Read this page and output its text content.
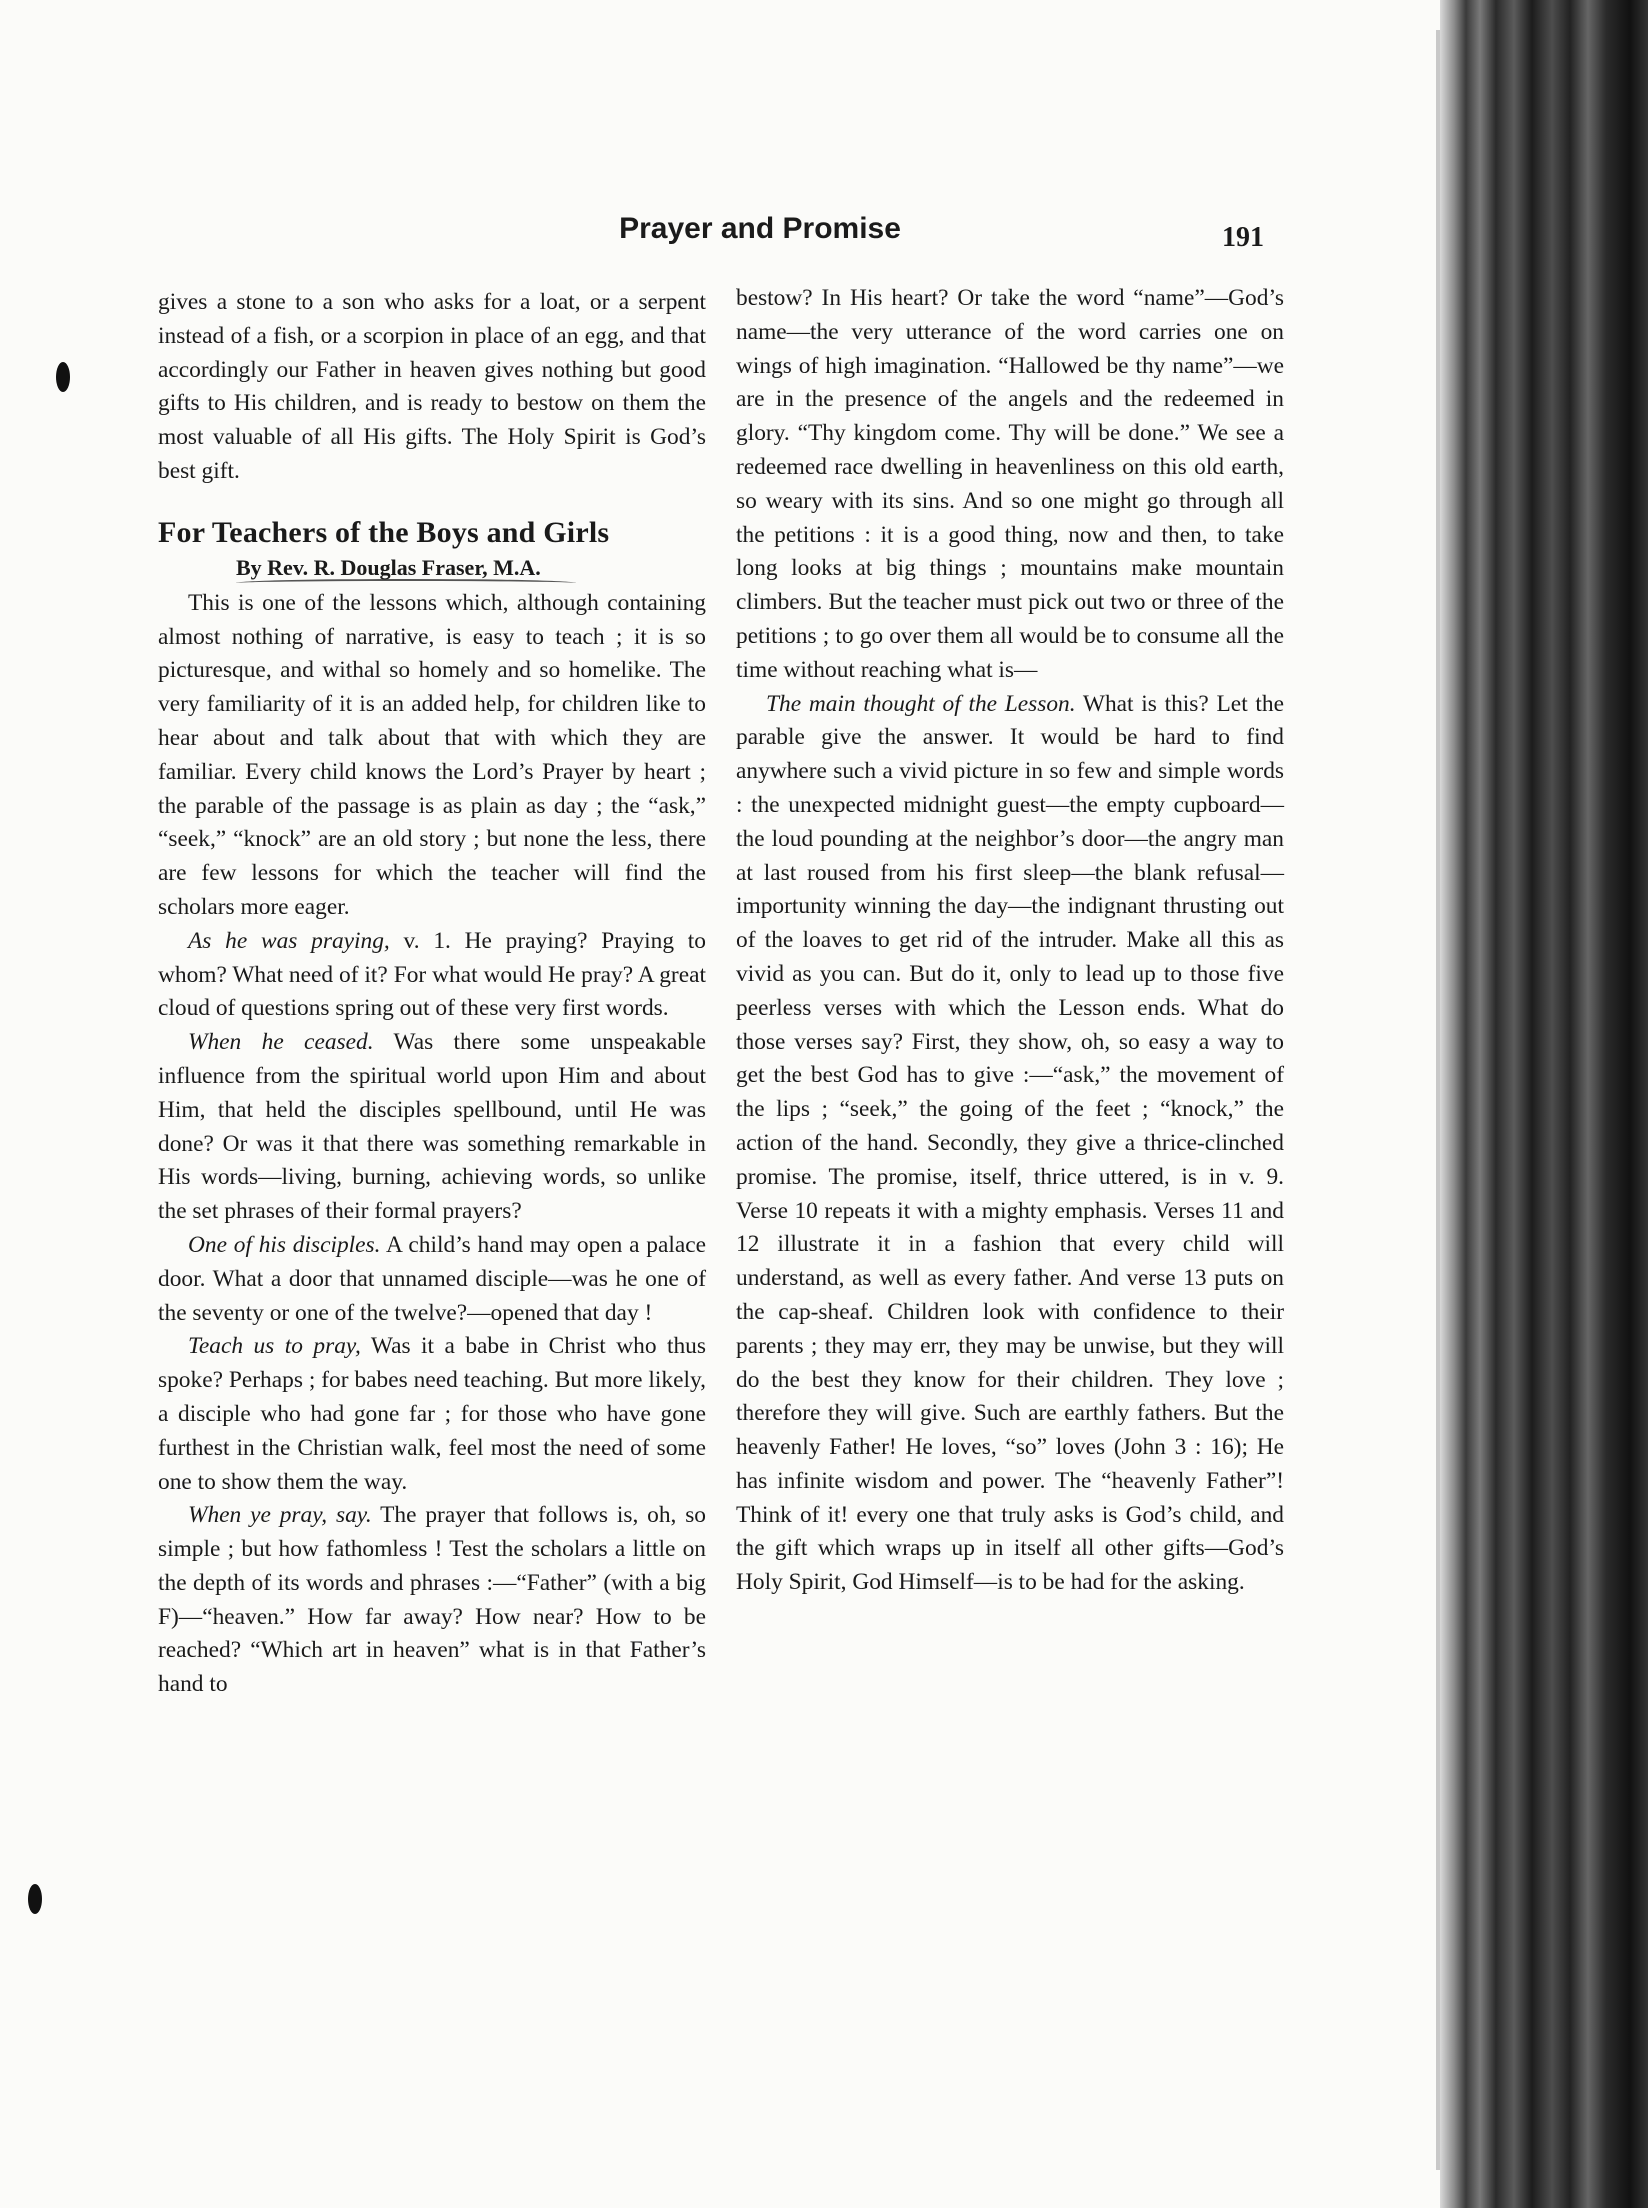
Prayer and Promise	191

gives a stone to a son who asks for a loat, or a serpent instead of a fish, or a scorpion in place of an egg, and that accordingly our Father in heaven gives nothing but good gifts to His children, and is ready to bestow on them the most valuable of all His gifts. The Holy Spirit is God’s best gift.

For Teachers of the Boys and Girls
By Rev. R. Douglas Fraser, M.A.

This is one of the lessons which, although containing almost nothing of narrative, is easy to teach ; it is so picturesque, and withal so homely and so homelike. The very familiarity of it is an added help, for children like to hear about and talk about that with which they are familiar. Every child knows the Lord’s Prayer by heart ; the parable of the passage is as plain as day ; the “ask,” “seek,” “knock” are an old story ; but none the less, there are few lessons for which the teacher will find the scholars more eager.

As he was praying, v. 1. He praying? Praying to whom? What need of it? For what would He pray? A great cloud of questions spring out of these very first words.

When he ceased. Was there some unspeakable influence from the spiritual world upon Him and about Him, that held the disciples spellbound, until He was done? Or was it that there was something remarkable in His words—living, burning, achieving words, so unlike the set phrases of their formal prayers?

One of his disciples. A child’s hand may open a palace door. What a door that unnamed disciple—was he one of the seventy or one of the twelve?—opened that day !

Teach us to pray, Was it a babe in Christ who thus spoke? Perhaps ; for babes need teaching. But more likely, a disciple who had gone far ; for those who have gone furthest in the Christian walk, feel most the need of some one to show them the way.

When ye pray, say. The prayer that follows is, oh, so simple ; but how fathomless ! Test the scholars a little on the depth of its words and phrases :—“Father” (with a big F)—“heaven.” How far away? How near? How to be reached? “Which art in heaven” what is in that Father’s hand to

bestow? In His heart? Or take the word “name”—God’s name—the very utterance of the word carries one on wings of high imagination. “Hallowed be thy name”—we are in the presence of the angels and the redeemed in glory. “Thy kingdom come. Thy will be done.” We see a redeemed race dwelling in heavenliness on this old earth, so weary with its sins. And so one might go through all the petitions : it is a good thing, now and then, to take long looks at big things ; mountains make mountain climbers. But the teacher must pick out two or three of the petitions ; to go over them all would be to consume all the time without reaching what is—

The main thought of the Lesson. What is this? Let the parable give the answer. It would be hard to find anywhere such a vivid picture in so few and simple words : the unexpected midnight guest—the empty cupboard—the loud pounding at the neighbor’s door—the angry man at last roused from his first sleep—the blank refusal—importunity winning the day—the indignant thrusting out of the loaves to get rid of the intruder. Make all this as vivid as you can. But do it, only to lead up to those five peerless verses with which the Lesson ends. What do those verses say? First, they show, oh, so easy a way to get the best God has to give :—“ask,” the movement of the lips ; “seek,” the going of the feet ; “knock,” the action of the hand. Secondly, they give a thrice-clinched promise. The promise, itself, thrice uttered, is in v. 9. Verse 10 repeats it with a mighty emphasis. Verses 11 and 12 illustrate it in a fashion that every child will understand, as well as every father. And verse 13 puts on the cap-sheaf. Children look with confidence to their parents ; they may err, they may be unwise, but they will do the best they know for their children. They love ; therefore they will give. Such are earthly fathers. But the heavenly Father! He loves, “so” loves (John 3 : 16); He has infinite wisdom and power. The “heavenly Father”! Think of it! every one that truly asks is God’s child, and the gift which wraps up in itself all other gifts—God’s Holy Spirit, God Himself—is to be had for the asking.
